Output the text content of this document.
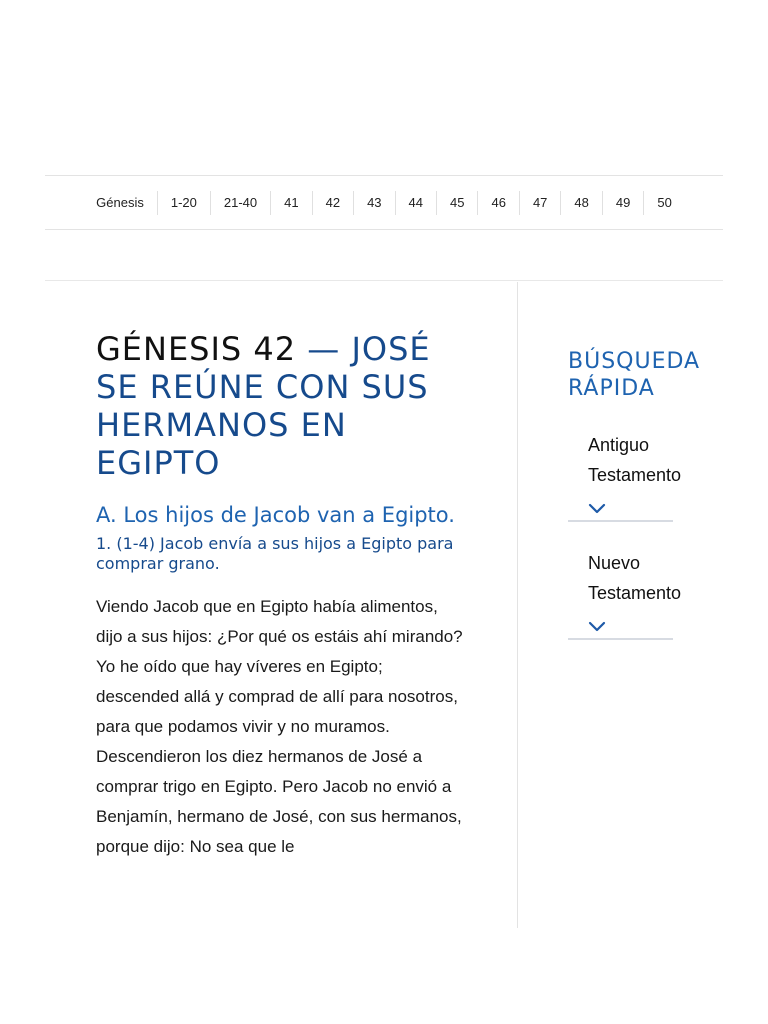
Génesis	1-20	21-40	41	42	43	44	45	46	47	48	49	50
GÉNESIS 42 — JOSÉ SE REÚNE CON SUS HERMANOS EN EGIPTO
A. Los hijos de Jacob van a Egipto.
1. (1-4) Jacob envía a sus hijos a Egipto para comprar grano.

Viendo Jacob que en Egipto había alimentos, dijo a sus hijos: ¿Por qué os estáis ahí mirando? Yo he oído que hay víveres en Egipto; descended allá y comprad de allí para nosotros, para que podamos vivir y no muramos. Descendieron los diez hermanos de José a comprar trigo en Egipto. Pero Jacob no envió a Benjamín, hermano de José, con sus hermanos, porque dijo: No sea que le

BÚSQUEDA
RÁPIDA
Antiguo Testamento
Nuevo Testamento
